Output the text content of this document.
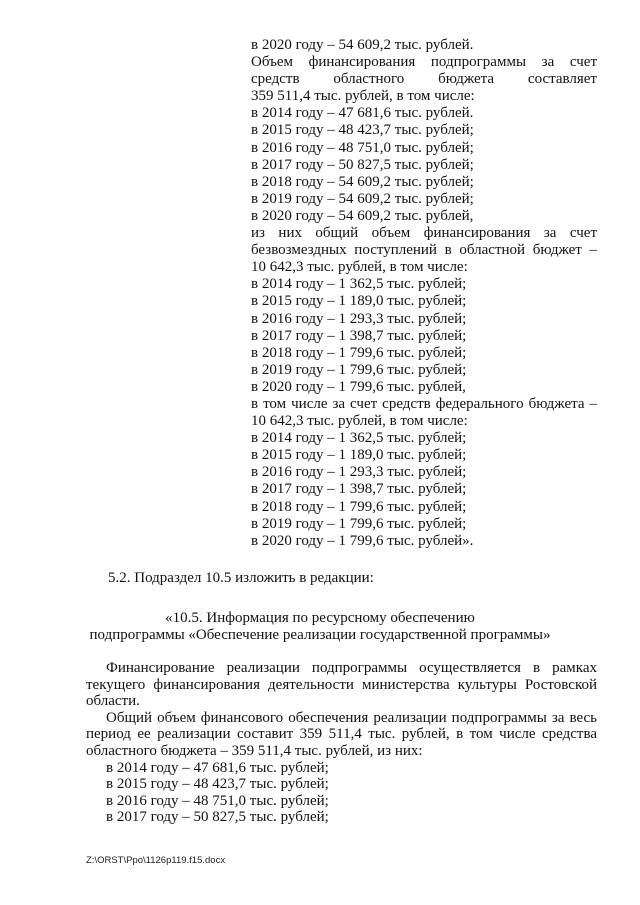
в 2020 году – 54 609,2 тыс. рублей.
Объем финансирования подпрограммы за счет
средств областного бюджета составляет
359 511,4 тыс. рублей, в том числе:
в 2014 году – 47 681,6 тыс. рублей.
в 2015 году – 48 423,7 тыс. рублей;
в 2016 году – 48 751,0 тыс. рублей;
в 2017 году – 50 827,5 тыс. рублей;
в 2018 году – 54 609,2 тыс. рублей;
в 2019 году – 54 609,2 тыс. рублей;
в 2020 году – 54 609,2 тыс. рублей,
из них общий объем финансирования за счет
безвозмездных поступлений в областной бюджет –
10 642,3 тыс. рублей, в том числе:
в 2014 году – 1 362,5 тыс. рублей;
в 2015 году – 1 189,0 тыс. рублей;
в 2016 году – 1 293,3 тыс. рублей;
в 2017 году – 1 398,7 тыс. рублей;
в 2018 году – 1 799,6 тыс. рублей;
в 2019 году – 1 799,6 тыс. рублей;
в 2020 году – 1 799,6 тыс. рублей,
в том числе за счет средств федерального бюджета –
10 642,3 тыс. рублей, в том числе:
в 2014 году – 1 362,5 тыс. рублей;
в 2015 году – 1 189,0 тыс. рублей;
в 2016 году – 1 293,3 тыс. рублей;
в 2017 году – 1 398,7 тыс. рублей;
в 2018 году – 1 799,6 тыс. рублей;
в 2019 году – 1 799,6 тыс. рублей;
в 2020 году – 1 799,6 тыс. рублей».
5.2. Подраздел 10.5 изложить в редакции:
«10.5. Информация по ресурсному обеспечению
подпрограммы «Обеспечение реализации государственной программы»
Финансирование реализации подпрограммы осуществляется в рамках
текущего финансирования деятельности министерства культуры Ростовской
области.
Общий объем финансового обеспечения реализации подпрограммы за весь
период ее реализации составит 359 511,4 тыс. рублей, в том числе средства
областного бюджета – 359 511,4 тыс. рублей, из них:
в 2014 году – 47 681,6 тыс. рублей;
в 2015 году – 48 423,7 тыс. рублей;
в 2016 году – 48 751,0 тыс. рублей;
в 2017 году – 50 827,5 тыс. рублей;
Z:\ORST\Ppo\1126p119.f15.docx
